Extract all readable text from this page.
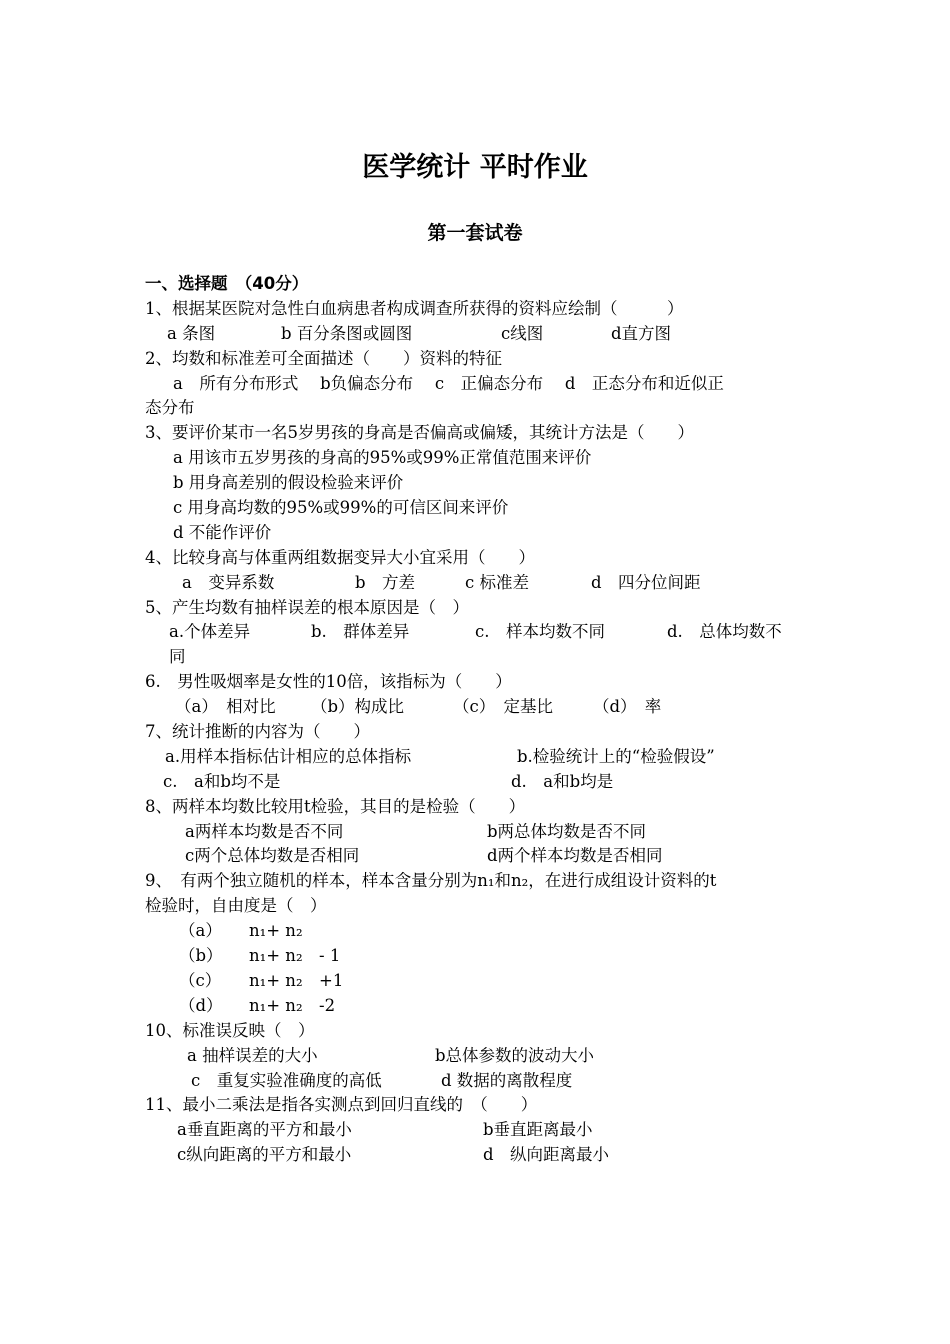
医学统计 平时作业
第一套试卷
一、选择题　（40分）
1、根据某医院对急性白血病患者构成调查所获得的资料应绘制（　　　）

a 条图

	b 百分条图或圆图

	c线图

	d直方图

2、均数和标准差可全面描述（　　）资料的特征

a　所有分布形式　 b负偏态分布　 c　正偏态分布　 d　正态分布和近似正

态分布
3、要评价某市一名5岁男孩的身高是否偏高或偏矮，其统计方法是（　　）
a 用该市五岁男孩的身高的95%或99%正常值范围来评价
b 用身高差别的假设检验来评价
c 用身高均数的95%或99%的可信区间来评价
d 不能作评价
4、比较身高与体重两组数据变异大小宜采用（　　）

a　变异系数

	b　方差

	c 标准差

	d　四分位间距

5、产生均数有抽样误差的根本原因是（　）

a.个体差异

	b.　群体差异

	c.　样本均数不同

	d.　总体均数不

同
6.　男性吸烟率是女性的10倍，该指标为（　　）

（a）　相对比

（b）构成比

	（c）　定基比

（d）　率

7、统计推断的内容为（　　）

a.用样本指标估计相应的总体指标

	b.检验统计上的“检验假设”

c.　a和b均不是

	d.　a和b均是

8、两样本均数比较用t检验，其目的是检验（　　）

a两样本均数是否不同

	b两总体均数是否不同

c两个总体均数是否相同

	d两个样本均数是否相同

9、　有两个独立随机的样本，样本含量分别为n₁和n₂，在进行成组设计资料的t
检验时，自由度是（　）

（a）

n₁+ n₂

（b）

n₁+ n₂　- 1

（c）

n₁+ n₂　+1

（d）

n₁+ n₂　-2

10、标准误反映（　）

a 抽样误差的大小

	b总体参数的波动大小

c　重复实验准确度的高低

	d 数据的离散程度

11、最小二乘法是指各实测点到回归直线的　（　　）

a垂直距离的平方和最小

	b垂直距离最小

c纵向距离的平方和最小

	d　纵向距离最小
